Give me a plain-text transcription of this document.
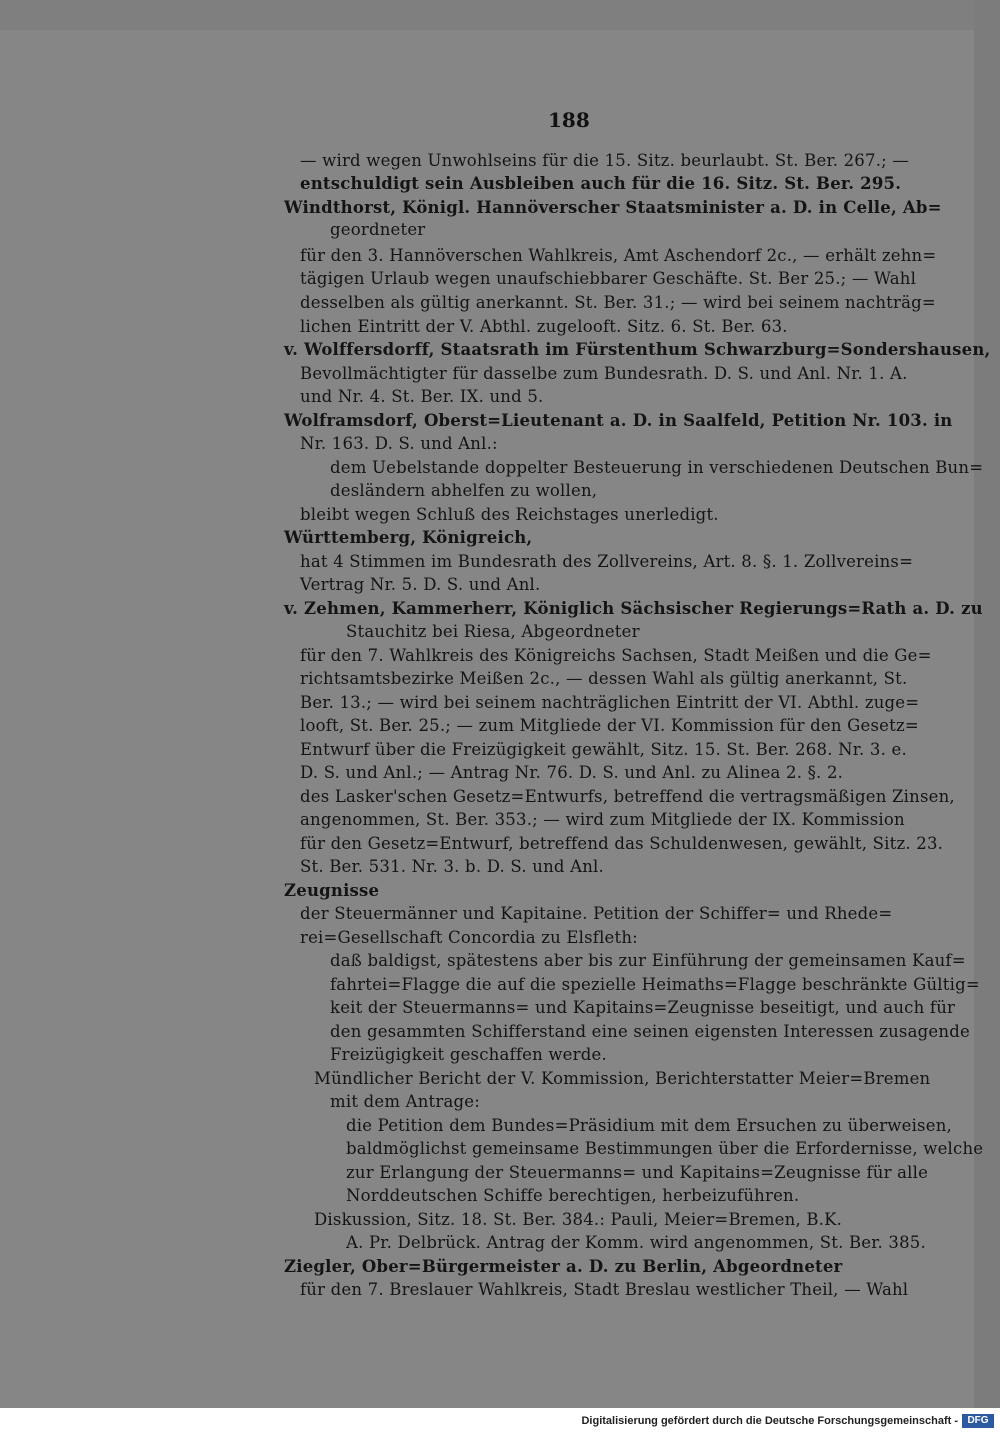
188
— wird wegen Unwohlseins für die 15. Sitz. beurlaubt. St. Ber. 267.; —
entschuldigt sein Ausbleiben auch für die 16. Sitz. St. Ber. 295.
Windthorst, Königl. Hannöverscher Staatsminister a. D. in Celle, Ab=
geordneter
für den 3. Hannöverschen Wahlkreis, Amt Aschendorf 2c., — erhält zehn=
tägigen Urlaub wegen unaufschiebbarer Geschäfte. St. Ber 25.; — Wahl
desselben als gültig anerkannt. St. Ber. 31.; — wird bei seinem nachträg=
lichen Eintritt der V. Abthl. zugelooft. Sitz. 6. St. Ber. 63.
v. Wolffersdorff, Staatsrath im Fürstenthum Schwarzburg=Sondershausen,
Bevollmächtigter für dasselbe zum Bundesrath. D. S. und Anl. Nr. 1. A.
und Nr. 4. St. Ber. IX. und 5.
Wolframsdorf, Oberst=Lieutenant a. D. in Saalfeld, Petition Nr. 103. in
Nr. 163. D. S. und Anl.:
dem Uebelstande doppelter Besteuerung in verschiedenen Deutschen Bun=
desländern abhelfen zu wollen,
bleibt wegen Schluß des Reichstages unerledigt.
Württemberg, Königreich,
hat 4 Stimmen im Bundesrath des Zollvereins, Art. 8. §. 1. Zollvereins=
Vertrag Nr. 5. D. S. und Anl.
v. Zehmen, Kammerherr, Königlich Sächsischer Regierungs=Rath a. D. zu
Stauchitz bei Riesa, Abgeordneter
für den 7. Wahlkreis des Königreichs Sachsen, Stadt Meißen und die Ge=
richtsamtsbezirke Meißen 2c., — dessen Wahl als gültig anerkannt, St.
Ber. 13.; — wird bei seinem nachträglichen Eintritt der VI. Abthl. zuge=
looft, St. Ber. 25.; — zum Mitgliede der VI. Kommission für den Gesetz=
Entwurf über die Freizügigkeit gewählt, Sitz. 15. St. Ber. 268. Nr. 3. e.
D. S. und Anl.; — Antrag Nr. 76. D. S. und Anl. zu Alinea 2. §. 2.
des Lasker'schen Gesetz=Entwurfs, betreffend die vertragsmäßigen Zinsen,
angenommen, St. Ber. 353.; — wird zum Mitgliede der IX. Kommission
für den Gesetz=Entwurf, betreffend das Schuldenwesen, gewählt, Sitz. 23.
St. Ber. 531. Nr. 3. b. D. S. und Anl.
Zeugnisse
der Steuermänner und Kapitaine. Petition der Schiffer= und Rhede=
rei=Gesellschaft Concordia zu Elsfleth:
daß baldigst, spätestens aber bis zur Einführung der gemeinsamen Kauf=
fahrtei=Flagge die auf die spezielle Heimaths=Flagge beschränkte Gültig=
keit der Steuermanns= und Kapitains=Zeugnisse beseitigt, und auch für
den gesammten Schifferstand eine seinen eigensten Interessen zusagende
Freizügigkeit geschaffen werde.
Mündlicher Bericht der V. Kommission, Berichterstatter Meier=Bremen
mit dem Antrage:
die Petition dem Bundes=Präsidium mit dem Ersuchen zu überweisen,
baldmöglichst gemeinsame Bestimmungen über die Erfordernisse, welche
zur Erlangung der Steuermanns= und Kapitains=Zeugnisse für alle
Norddeutschen Schiffe berechtigen, herbeizuführen.
Diskussion, Sitz. 18. St. Ber. 384.: Pauli, Meier=Bremen, B.K.
A. Pr. Delbrück. Antrag der Komm. wird angenommen, St. Ber. 385.
Ziegler, Ober=Bürgermeister a. D. zu Berlin, Abgeordneter
für den 7. Breslauer Wahlkreis, Stadt Breslau westlicher Theil, — Wahl
Digitalisierung gefördert durch die Deutsche Forschungsgemeinschaft - DFG
